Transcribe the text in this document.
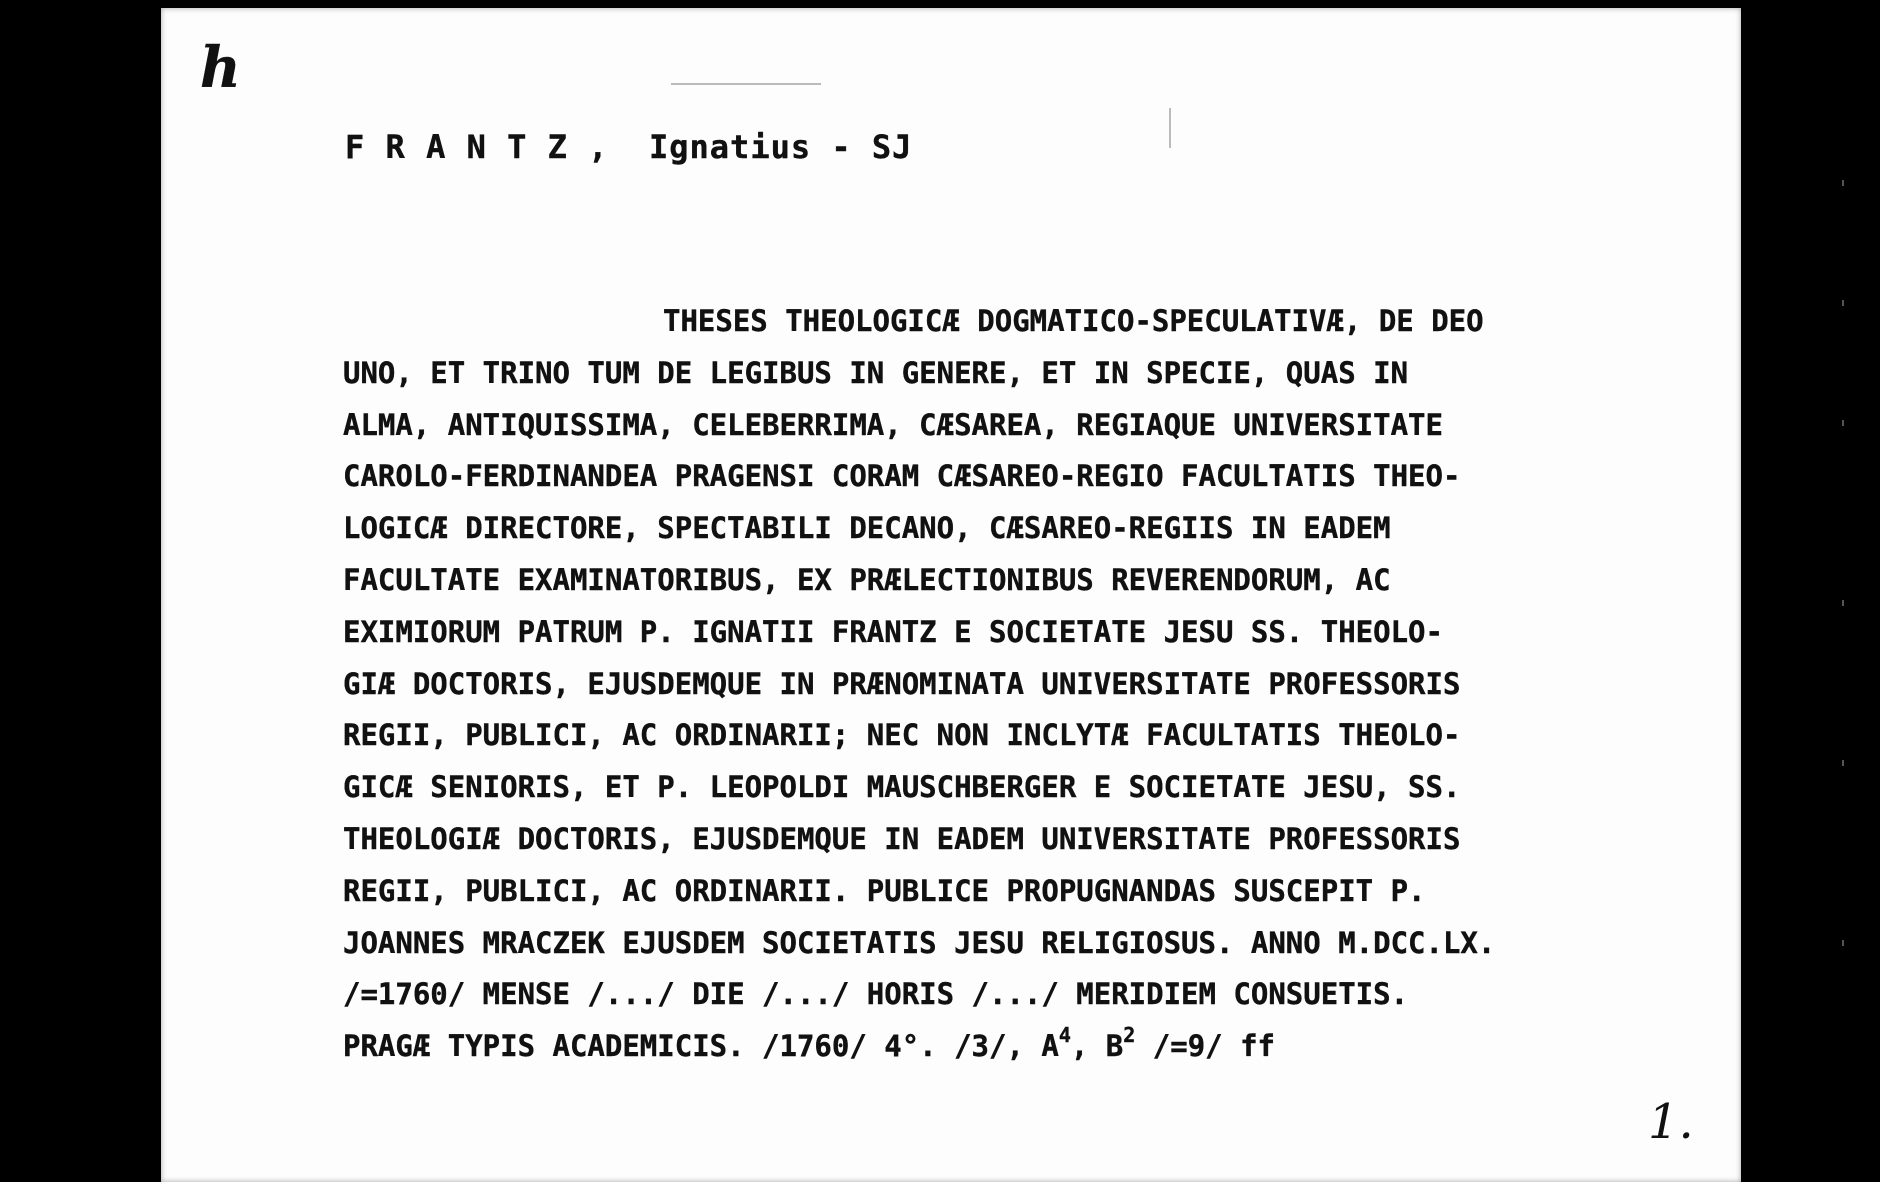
h
F R A N T Z ,  Ignatius - SJ
THESES THEOLOGICÆ DOGMATICO-SPECULATIVÆ, DE DEO
UNO, ET TRINO TUM DE LEGIBUS IN GENERE, ET IN SPECIE, QUAS IN
ALMA, ANTIQUISSIMA, CELEBERRIMA, CÆSAREA, REGIAQUE UNIVERSITATE
CAROLO-FERDINANDEA PRAGENSI CORAM CÆSAREO-REGIO FACULTATIS THEO-
LOGICÆ DIRECTORE, SPECTABILI DECANO, CÆSAREO-REGIIS IN EADEM
FACULTATE EXAMINATORIBUS, EX PRÆLECTIONIBUS REVERENDORUM, AC
EXIMIORUM PATRUM P. IGNATII FRANTZ E SOCIETATE JESU SS. THEOLO-
GIÆ DOCTORIS, EJUSDEMQUE IN PRÆNOMINATA UNIVERSITATE PROFESSORIS
REGII, PUBLICI, AC ORDINARII; NEC NON INCLYTÆ FACULTATIS THEOLO-
GICÆ SENIORIS, ET P. LEOPOLDI MAUSCHBERGER E SOCIETATE JESU, SS.
THEOLOGIÆ DOCTORIS, EJUSDEMQUE IN EADEM UNIVERSITATE PROFESSORIS
REGII, PUBLICI, AC ORDINARII. PUBLICE PROPUGNANDAS SUSCEPIT P.
JOANNES MRACZEK EJUSDEM SOCIETATIS JESU RELIGIOSUS. ANNO M.DCC.LX.
/=1760/ MENSE /.../ DIE /.../ HORIS /.../ MERIDIEM CONSUETIS.
PRAGÆ TYPIS ACADEMICIS. /1760/ 4°. /3/, $A^4$, $B^2$ /=9/ ff
1.
